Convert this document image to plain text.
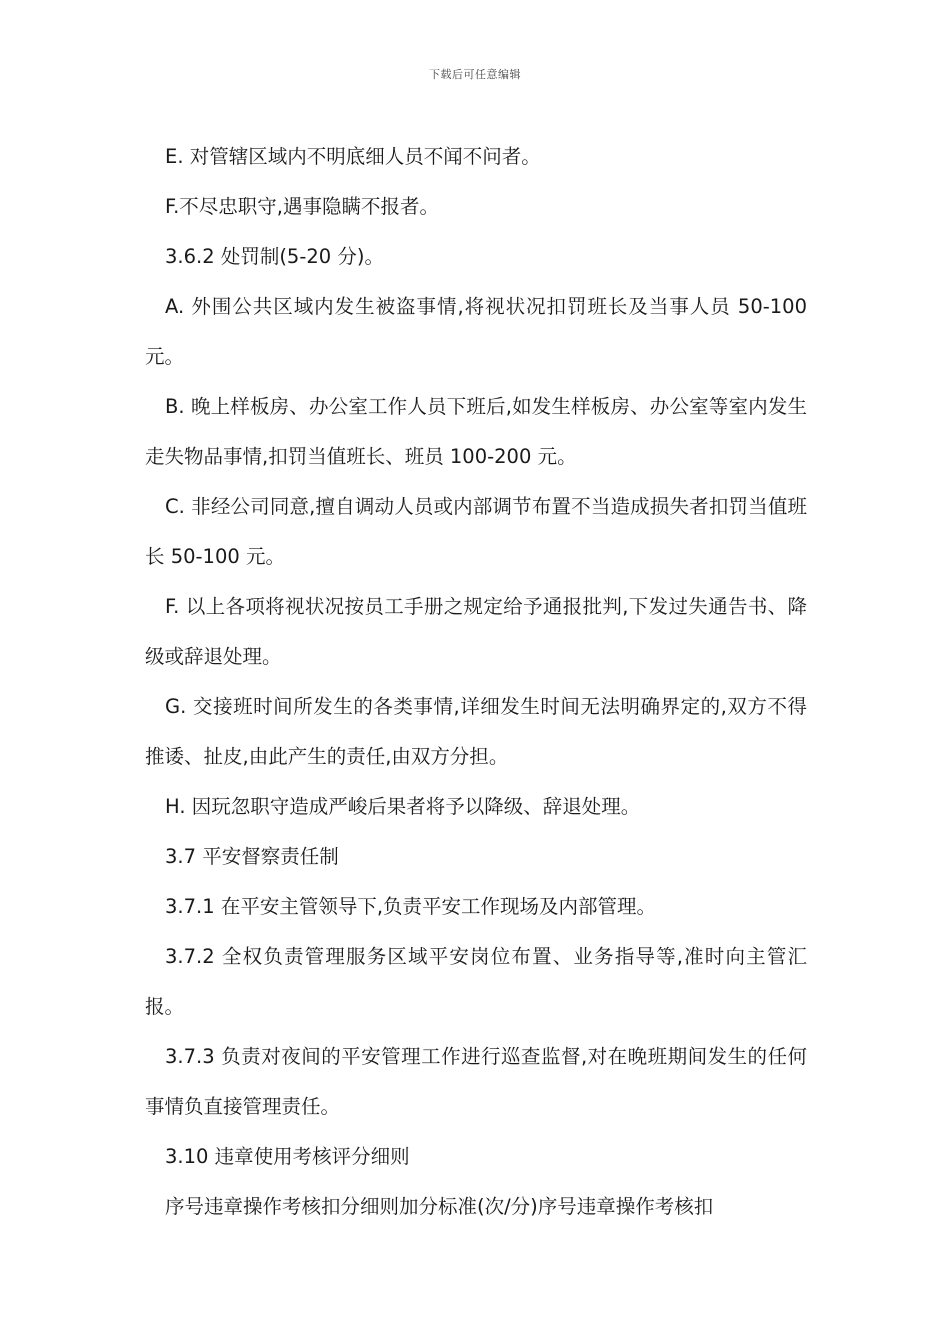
下载后可任意编辑

E. 对管辖区域内不明底细人员不闻不问者。

F.不尽忠职守,遇事隐瞒不报者。

3.6.2 处罚制(5-20 分)。

A. 外围公共区域内发生被盗事情,将视状况扣罚班长及当事人员 50-100 元。

B. 晚上样板房、办公室工作人员下班后,如发生样板房、办公室等室内发生走失物品事情,扣罚当值班长、班员 100-200 元。

C. 非经公司同意,擅自调动人员或内部调节布置不当造成损失者扣罚当值班长 50-100 元。

F. 以上各项将视状况按员工手册之规定给予通报批判,下发过失通告书、降级或辞退处理。

G. 交接班时间所发生的各类事情,详细发生时间无法明确界定的,双方不得推诿、扯皮,由此产生的责任,由双方分担。

H. 因玩忽职守造成严峻后果者将予以降级、辞退处理。

3.7 平安督察责任制

3.7.1 在平安主管领导下,负责平安工作现场及内部管理。

3.7.2 全权负责管理服务区域平安岗位布置、业务指导等,准时向主管汇报。

3.7.3 负责对夜间的平安管理工作进行巡查监督,对在晚班期间发生的任何事情负直接管理责任。

3.10 违章使用考核评分细则

序号违章操作考核扣分细则加分标准(次/分)序号违章操作考核扣
